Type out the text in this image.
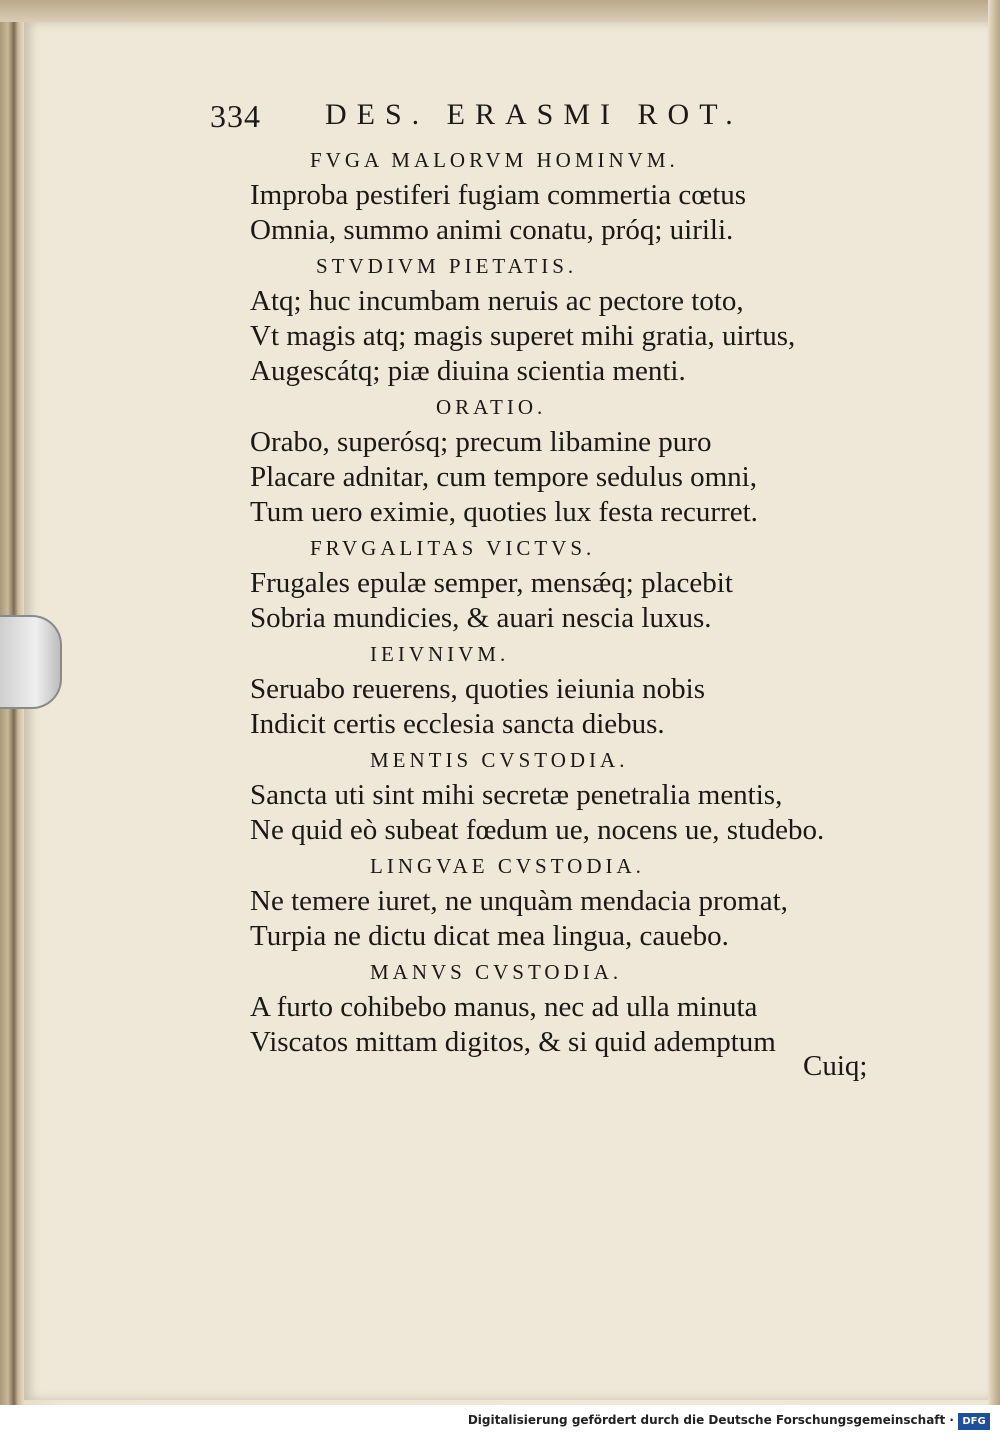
334 DES. ERASMI ROT.
FVGA MALORVM HOMINVM.
Improba pestiferi fugiam commertia cœtus
Omnia, summo animi conatu, próq; uirili.
STVDIVM PIETATIS.
Atq; huc incumbam neruis ac pectore toto,
Vt magis atq; magis superet mihi gratia, uirtus,
Augescátq; piæ diuina scientia menti.
ORATIO.
Orabo, superósq; precum libamine puro
Placare adnitar, cum tempore sedulus omni,
Tum uero eximie, quoties lux festa recurret.
FRVGALITAS VICTVS.
Frugales epulæ semper, mensǽq; placebit
Sobria mundicies, & auari nescia luxus.
IEIVNIVM.
Seruabo reuerens, quoties ieiunia nobis
Indicit certis ecclesia sancta diebus.
MENTIS CVSTODIA.
Sancta uti sint mihi secretæ penetralia mentis,
Ne quid eò subeat fœdum ue, nocens ue, studebo.
LINGVAE CVSTODIA.
Ne temere iuret, ne unquàm mendacia promat,
Turpia ne dictu dicat mea lingua, cauebo.
MANVS CVSTODIA.
A furto cohibebo manus, nec ad ulla minuta
Viscatos mittam digitos, & si quid ademptum
Cuiq;
Digitalisierung gefördert durch die Deutsche Forschungsgemeinschaft · DFG
